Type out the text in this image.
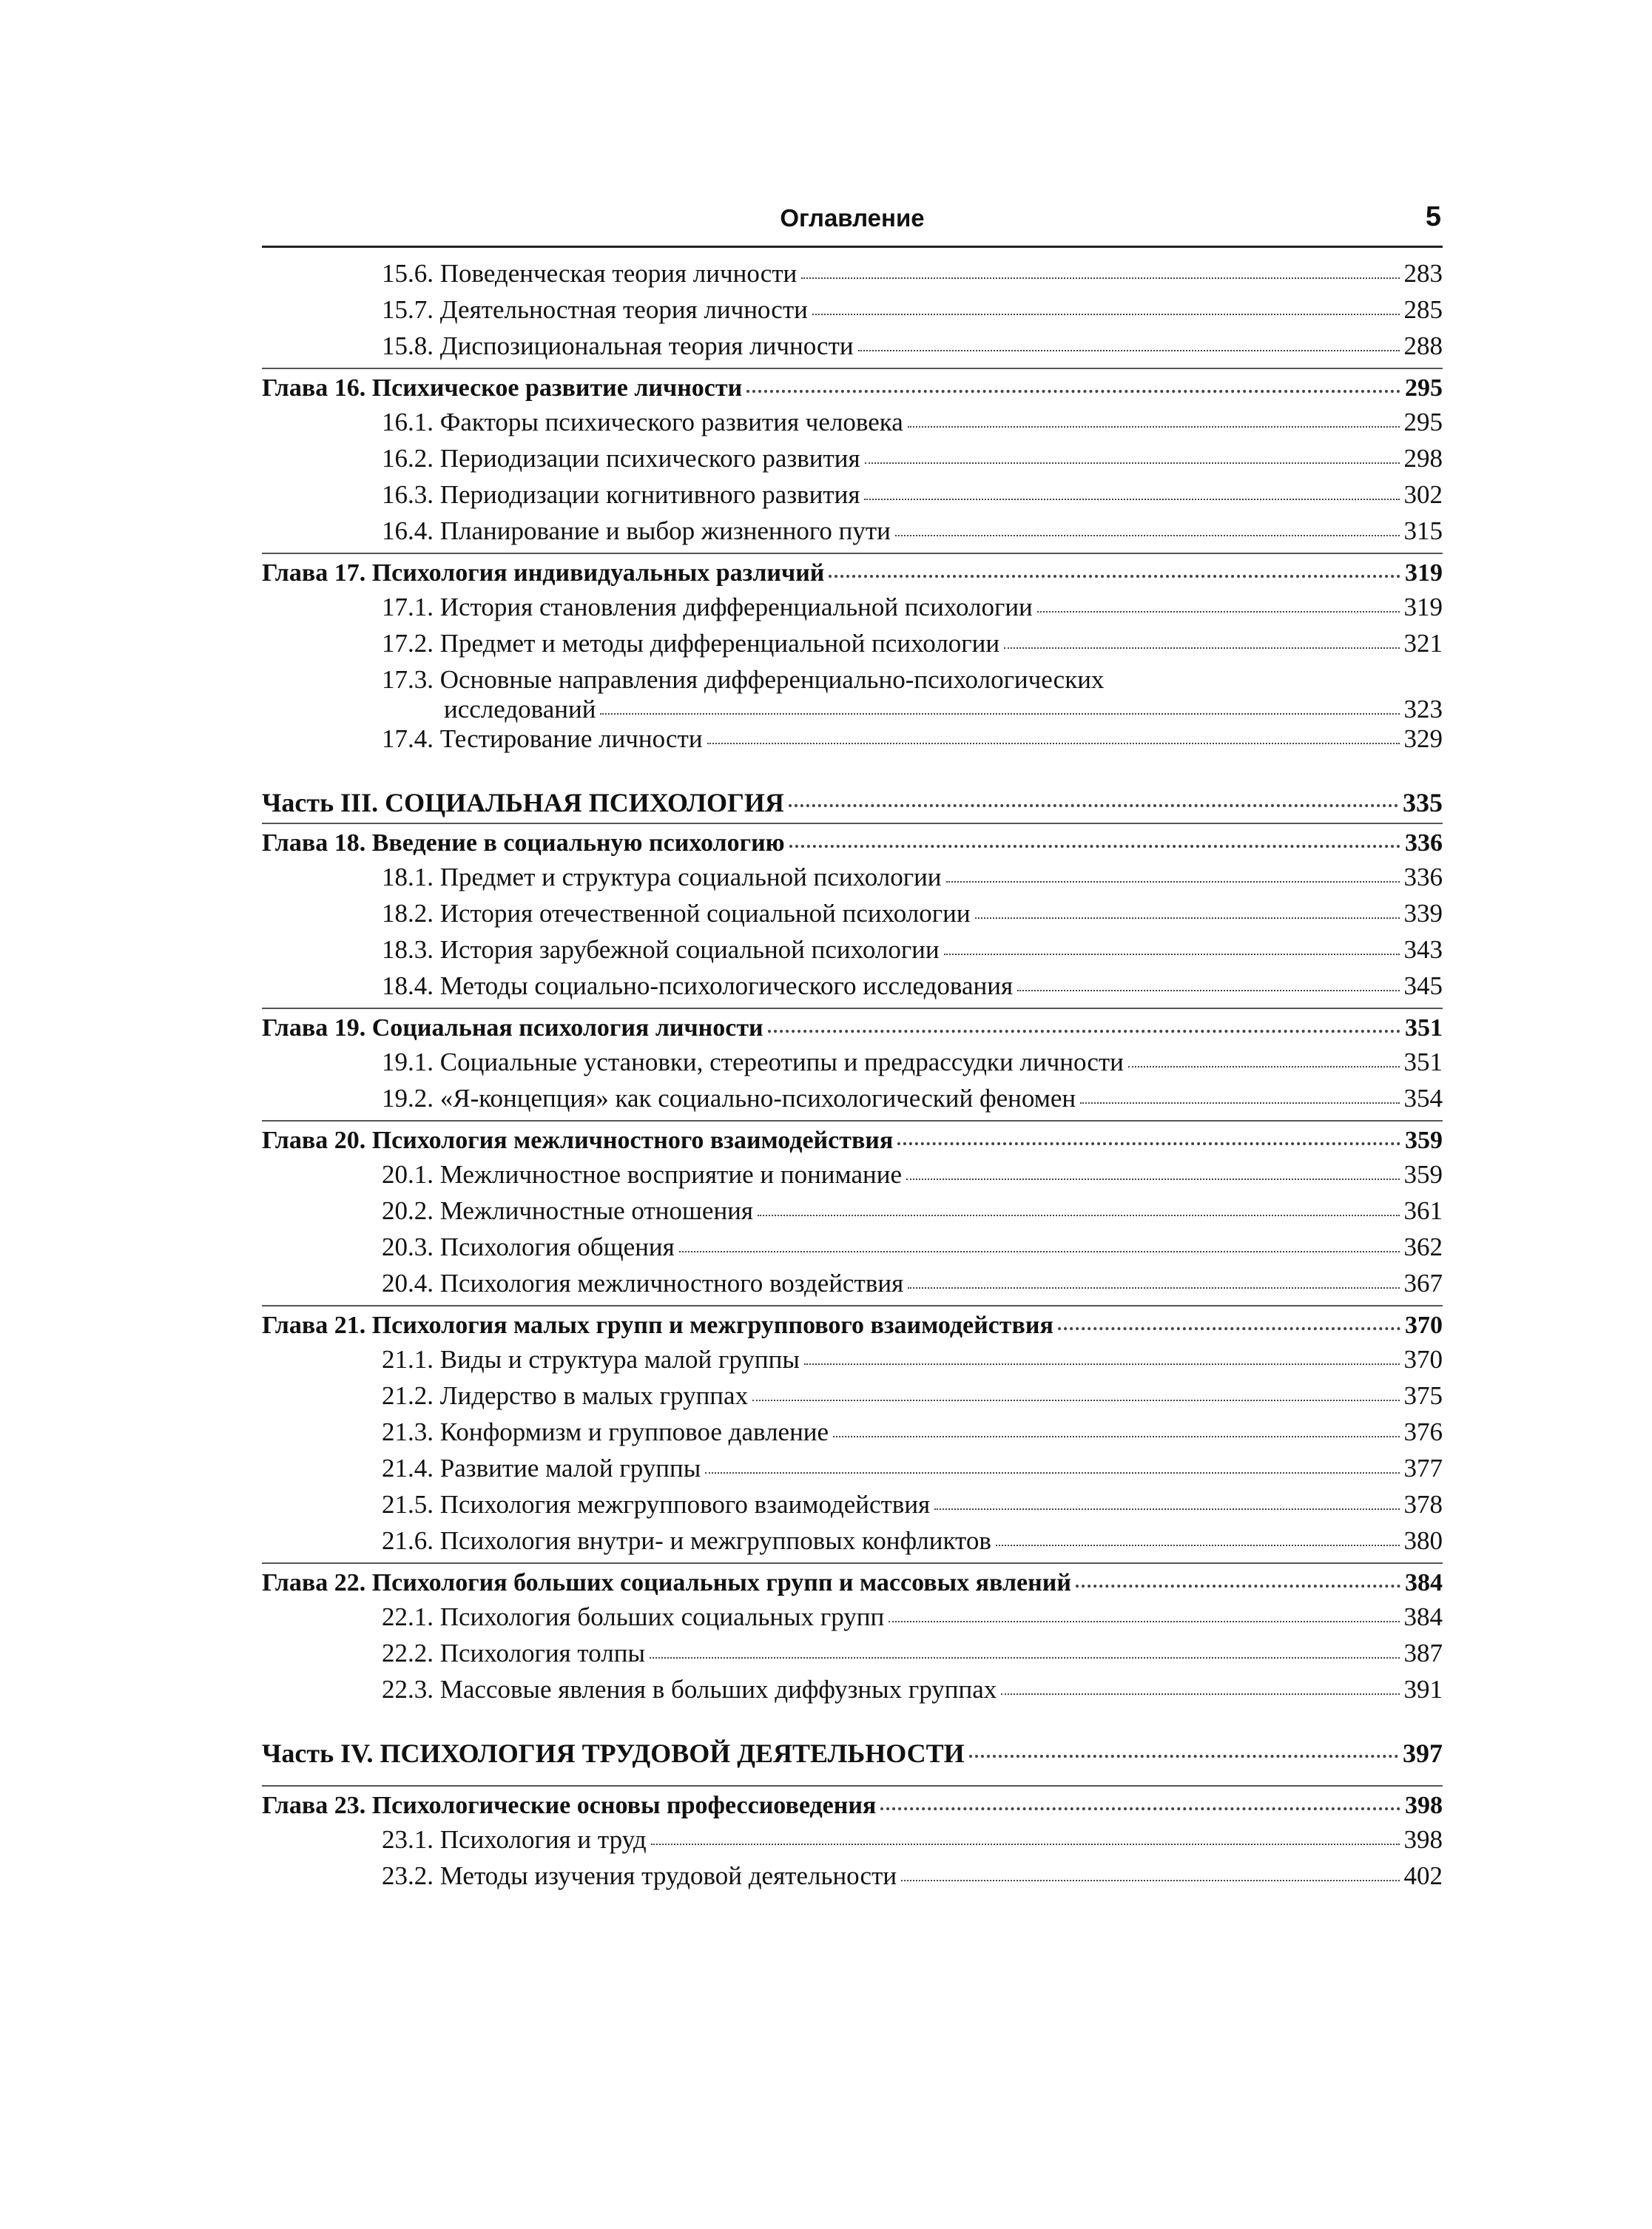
Оглавление	5
15.6. Поведенческая теория личности	283
15.7. Деятельностная теория личности	285
15.8. Диспозициональная теория личности	288
Глава 16. Психическое развитие личности	295
16.1. Факторы психического развития человека	295
16.2. Периодизации психического развития	298
16.3. Периодизации когнитивного развития	302
16.4. Планирование и выбор жизненного пути	315
Глава 17. Психология индивидуальных различий	319
17.1. История становления дифференциальной психологии	319
17.2. Предмет и методы дифференциальной психологии	321
17.3. Основные направления дифференциально-психологических
исследований	323
17.4. Тестирование личности	329
Часть III. СОЦИАЛЬНАЯ ПСИХОЛОГИЯ	335
Глава 18. Введение в социальную психологию	336
18.1. Предмет и структура социальной психологии	336
18.2. История отечественной социальной психологии	339
18.3. История зарубежной социальной психологии	343
18.4. Методы социально-психологического исследования	345
Глава 19. Социальная психология личности	351
19.1. Социальные установки, стереотипы и предрассудки личности	351
19.2. «Я-концепция» как социально-психологический феномен	354
Глава 20. Психология межличностного взаимодействия	359
20.1. Межличностное восприятие и понимание	359
20.2. Межличностные отношения	361
20.3. Психология общения	362
20.4. Психология межличностного воздействия	367
Глава 21. Психология малых групп и межгруппового взаимодействия	370
21.1. Виды и структура малой группы	370
21.2. Лидерство в малых группах	375
21.3. Конформизм и групповое давление	376
21.4. Развитие малой группы	377
21.5. Психология межгруппового взаимодействия	378
21.6. Психология внутри- и межгрупповых конфликтов	380
Глава 22. Психология больших социальных групп и массовых явлений	384
22.1. Психология больших социальных групп	384
22.2. Психология толпы	387
22.3. Массовые явления в больших диффузных группах	391
Часть IV. ПСИХОЛОГИЯ ТРУДОВОЙ ДЕЯТЕЛЬНОСТИ	397
Глава 23. Психологические основы профессиоведения	398
23.1. Психология и труд	398
23.2. Методы изучения трудовой деятельности	402
